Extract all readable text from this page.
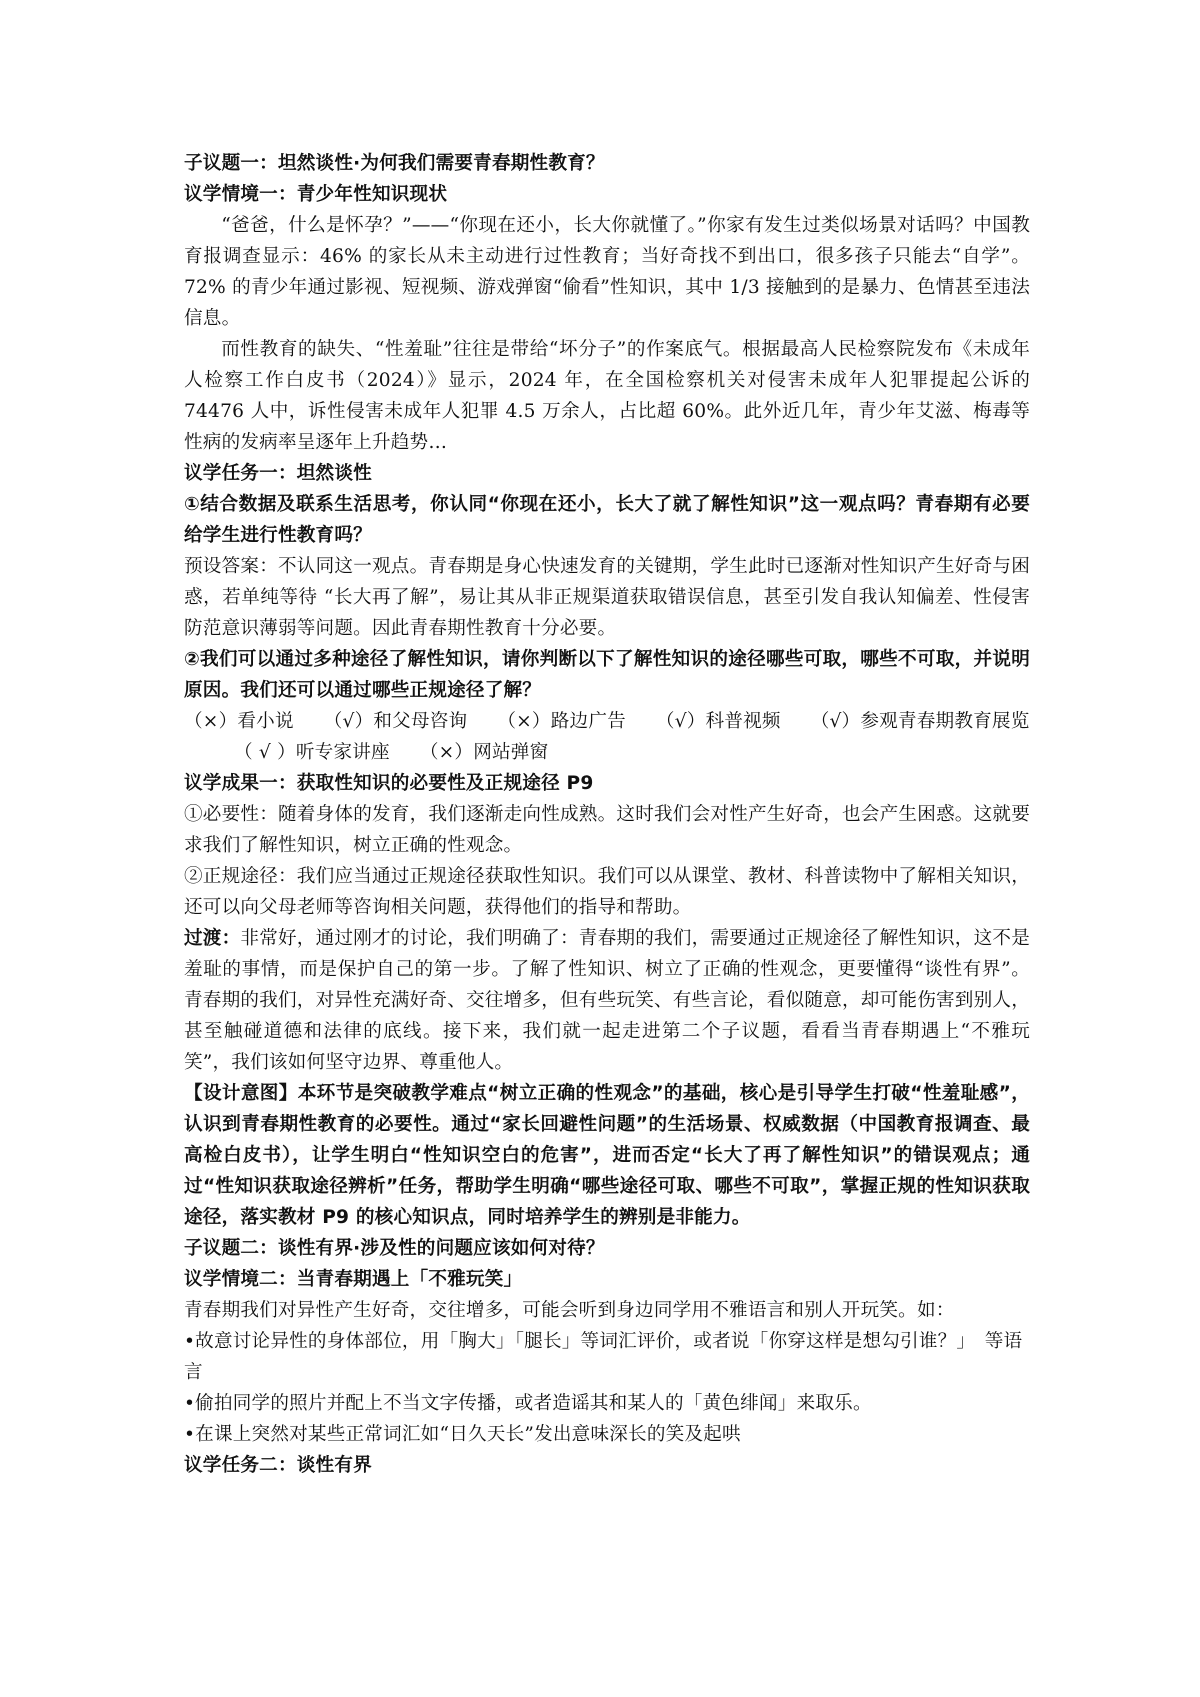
子议题一：坦然谈性·为何我们需要青春期性教育？

议学情境一：青少年性知识现状

“爸爸，什么是怀孕？”——“你现在还小，长大你就懂了。”你家有发生过类似场景对话吗？中国教育报调查显示：46% 的家长从未主动进行过性教育；当好奇找不到出口，很多孩子只能去“自学”。72% 的青少年通过影视、短视频、游戏弹窗“偷看”性知识，其中 1/3 接触到的是暴力、色情甚至违法信息。

而性教育的缺失、“性羞耻”往往是带给“坏分子”的作案底气。根据最高人民检察院发布《未成年人检察工作白皮书（2024）》显示，2024 年，在全国检察机关对侵害未成年人犯罪提起公诉的 74476 人中，诉性侵害未成年人犯罪 4.5 万余人，占比超 60%。此外近几年，青少年艾滋、梅毒等性病的发病率呈逐年上升趋势…

议学任务一：坦然谈性

①结合数据及联系生活思考，你认同“你现在还小，长大了就了解性知识”这一观点吗？青春期有必要给学生进行性教育吗？

预设答案：不认同这一观点。青春期是身心快速发育的关键期，学生此时已逐渐对性知识产生好奇与困惑，若单纯等待 “长大再了解”，易让其从非正规渠道获取错误信息，甚至引发自我认知偏差、性侵害防范意识薄弱等问题。因此青春期性教育十分必要。

②我们可以通过多种途径了解性知识，请你判断以下了解性知识的途径哪些可取，哪些不可取，并说明原因。我们还可以通过哪些正规途径了解？

（×）看小说 （√）和父母咨询 （×）路边广告 （√）科普视频 （√）参观青春期教育展览（ √ ）听专家讲座 （×）网站弹窗

议学成果一：获取性知识的必要性及正规途径 P9

①必要性：随着身体的发育，我们逐渐走向性成熟。这时我们会对性产生好奇，也会产生困惑。这就要求我们了解性知识，树立正确的性观念。

②正规途径：我们应当通过正规途径获取性知识。我们可以从课堂、教材、科普读物中了解相关知识，还可以向父母老师等咨询相关问题，获得他们的指导和帮助。

过渡：非常好，通过刚才的讨论，我们明确了：青春期的我们，需要通过正规途径了解性知识，这不是羞耻的事情，而是保护自己的第一步。了解了性知识、树立了正确的性观念，更要懂得“谈性有界”。青春期的我们，对异性充满好奇、交往增多，但有些玩笑、有些言论，看似随意，却可能伤害到别人，甚至触碰道德和法律的底线。接下来，我们就一起走进第二个子议题，看看当青春期遇上“不雅玩笑”，我们该如何坚守边界、尊重他人。

【设计意图】本环节是突破教学难点“树立正确的性观念”的基础，核心是引导学生打破“性羞耻感”，认识到青春期性教育的必要性。通过“家长回避性问题”的生活场景、权威数据（中国教育报调查、最高检白皮书），让学生明白“性知识空白的危害”，进而否定“长大了再了解性知识”的错误观点；通过“性知识获取途径辨析”任务，帮助学生明确“哪些途径可取、哪些不可取”，掌握正规的性知识获取途径，落实教材 P9 的核心知识点，同时培养学生的辨别是非能力。

子议题二：谈性有界·涉及性的问题应该如何对待？

议学情境二：当青春期遇上「不雅玩笑」

青春期我们对异性产生好奇，交往增多，可能会听到身边同学用不雅语言和别人开玩笑。如：

•故意讨论异性的身体部位，用「胸大」「腿长」等词汇评价，或者说「你穿这样是想勾引谁？」　等语言

•偷拍同学的照片并配上不当文字传播，或者造谣其和某人的「黄色绯闻」来取乐。

•在课上突然对某些正常词汇如“日久天长”发出意味深长的笑及起哄

议学任务二：谈性有界
